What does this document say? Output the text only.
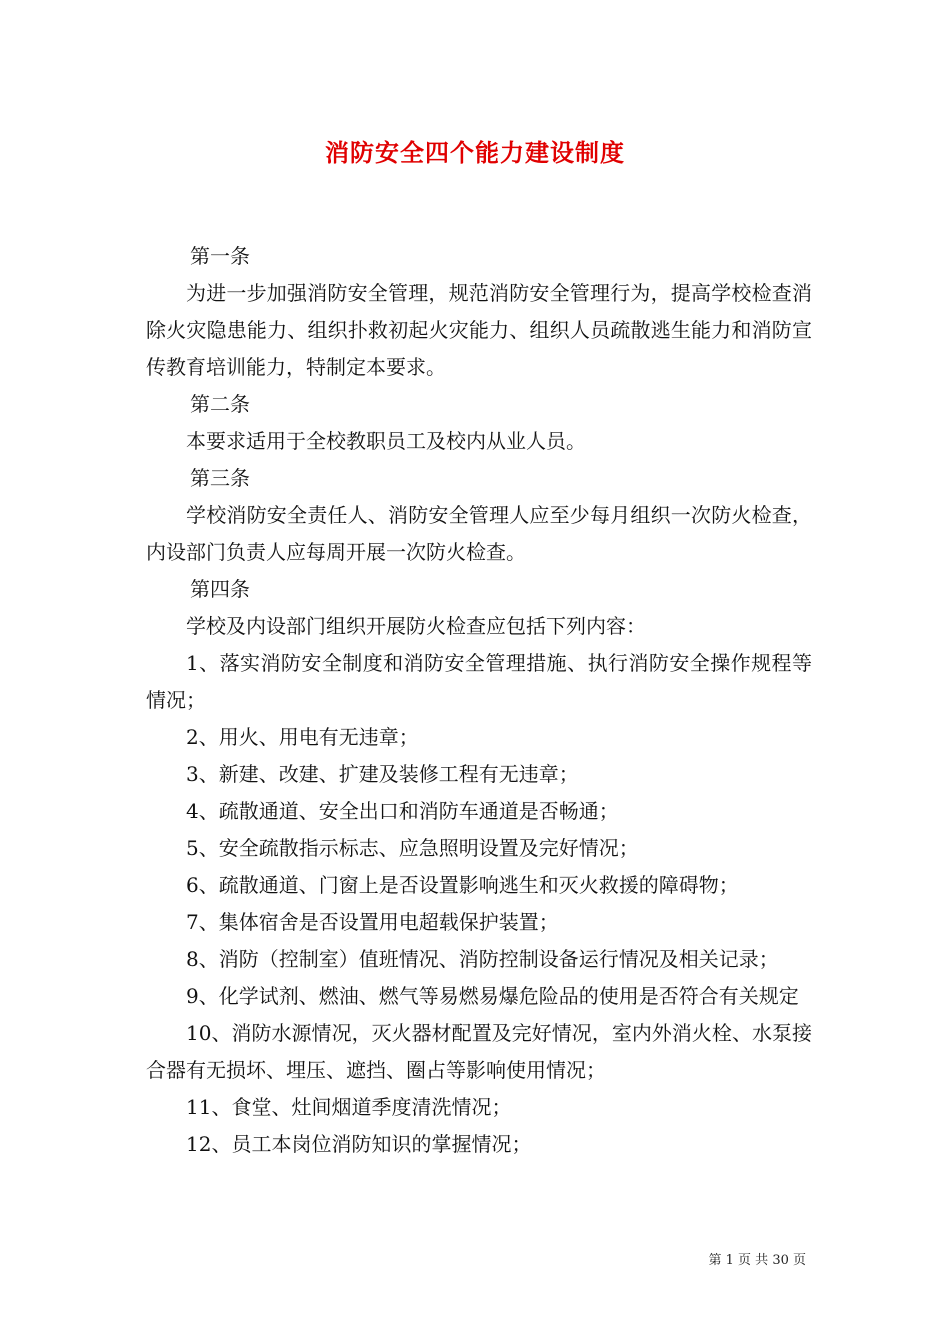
消防安全四个能力建设制度

第一条

为进一步加强消防安全管理，规范消防安全管理行为，提高学校检查消除火灾隐患能力、组织扑救初起火灾能力、组织人员疏散逃生能力和消防宣传教育培训能力，特制定本要求。

第二条

本要求适用于全校教职员工及校内从业人员。

第三条

学校消防安全责任人、消防安全管理人应至少每月组织一次防火检查，内设部门负责人应每周开展一次防火检查。

第四条

学校及内设部门组织开展防火检查应包括下列内容：

1、落实消防安全制度和消防安全管理措施、执行消防安全操作规程等情况；

2、用火、用电有无违章；

3、新建、改建、扩建及装修工程有无违章；

4、疏散通道、安全出口和消防车通道是否畅通；

5、安全疏散指示标志、应急照明设置及完好情况；

6、疏散通道、门窗上是否设置影响逃生和灭火救援的障碍物；

7、集体宿舍是否设置用电超载保护装置；

8、消防（控制室）值班情况、消防控制设备运行情况及相关记录；

9、化学试剂、燃油、燃气等易燃易爆危险品的使用是否符合有关规定

10、消防水源情况，灭火器材配置及完好情况，室内外消火栓、水泵接合器有无损坏、埋压、遮挡、圈占等影响使用情况；

11、食堂、灶间烟道季度清洗情况；

12、员工本岗位消防知识的掌握情况；

第 1 页 共 30 页
